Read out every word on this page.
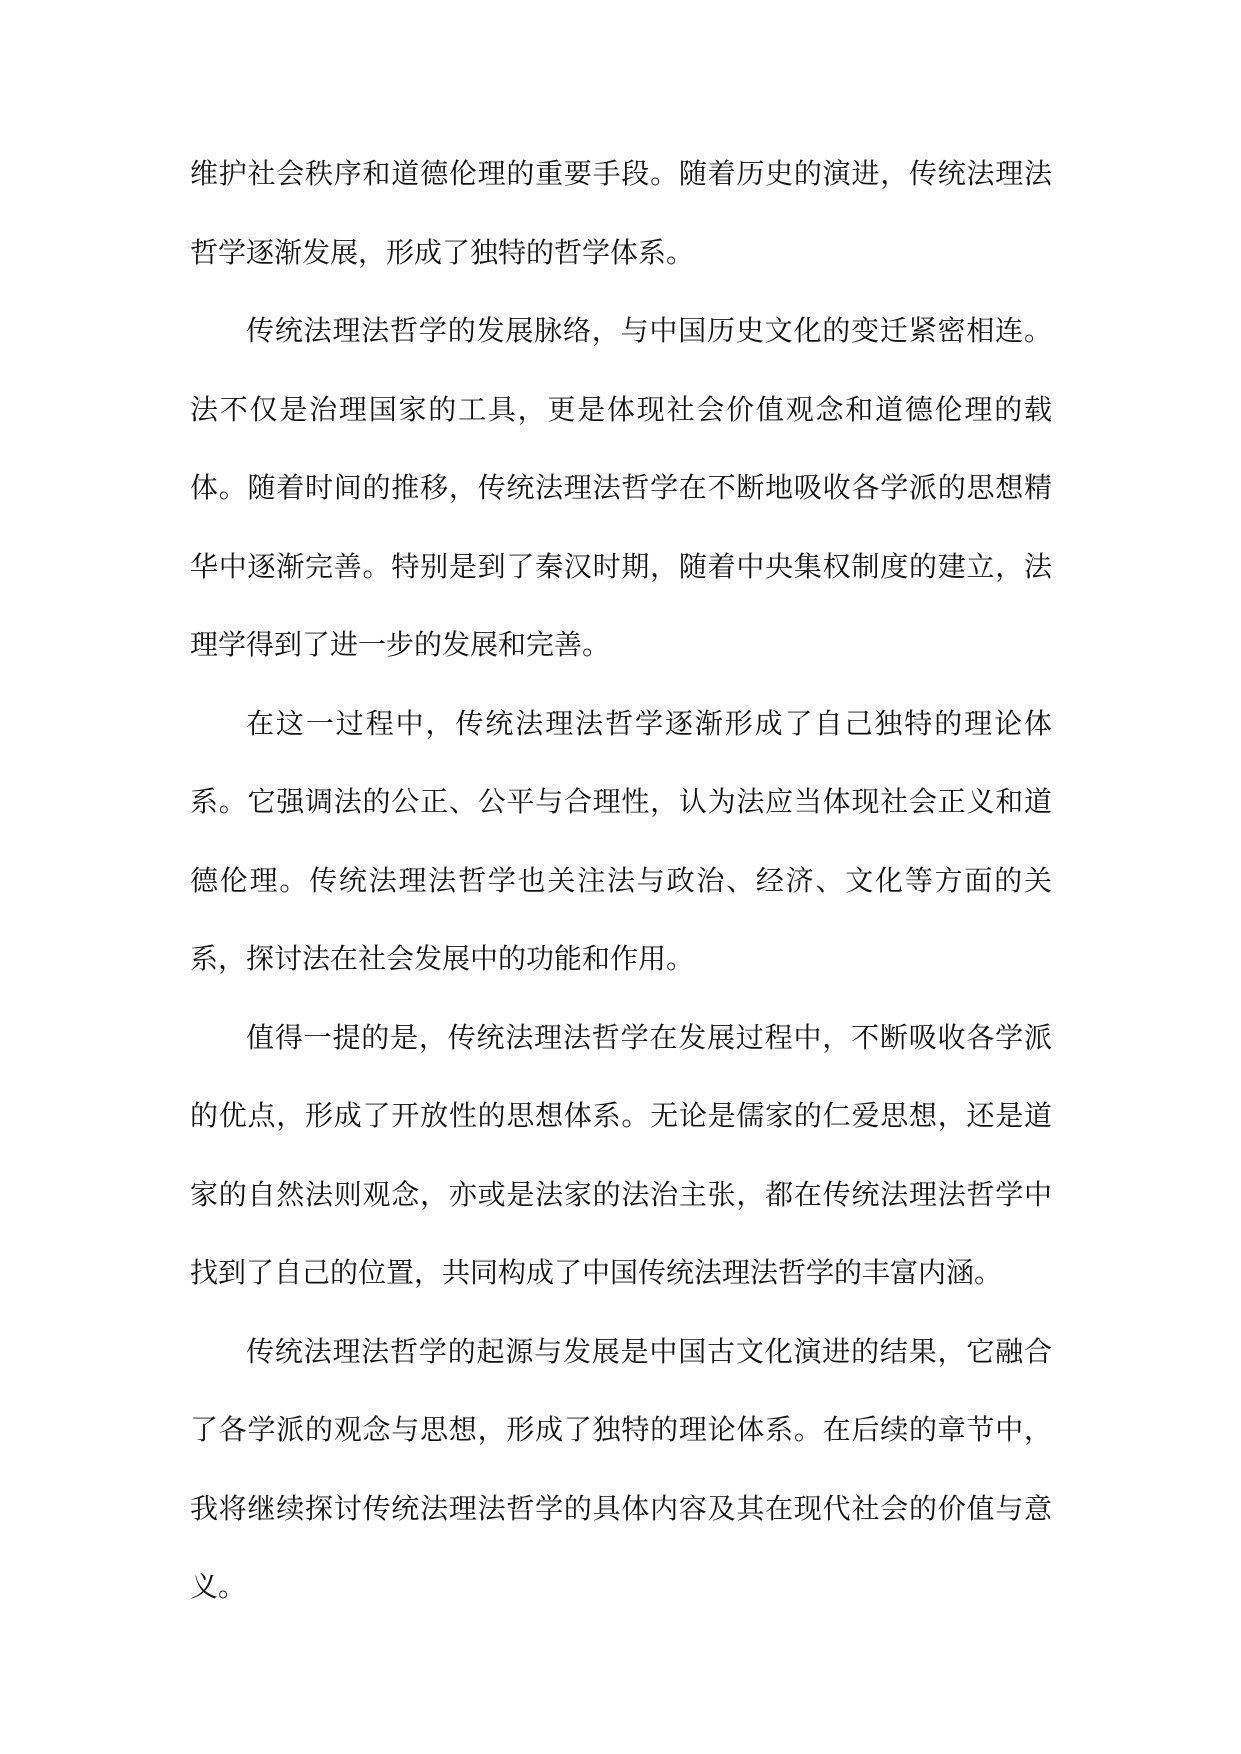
维护社会秩序和道德伦理的重要手段。随着历史的演进，传统法理法哲学逐渐发展，形成了独特的哲学体系。

传统法理法哲学的发展脉络，与中国历史文化的变迁紧密相连。法不仅是治理国家的工具，更是体现社会价值观念和道德伦理的载体。随着时间的推移，传统法理法哲学在不断地吸收各学派的思想精华中逐渐完善。特别是到了秦汉时期，随着中央集权制度的建立，法理学得到了进一步的发展和完善。

在这一过程中，传统法理法哲学逐渐形成了自己独特的理论体系。它强调法的公正、公平与合理性，认为法应当体现社会正义和道德伦理。传统法理法哲学也关注法与政治、经济、文化等方面的关系，探讨法在社会发展中的功能和作用。

值得一提的是，传统法理法哲学在发展过程中，不断吸收各学派的优点，形成了开放性的思想体系。无论是儒家的仁爱思想，还是道家的自然法则观念，亦或是法家的法治主张，都在传统法理法哲学中找到了自己的位置，共同构成了中国传统法理法哲学的丰富内涵。

传统法理法哲学的起源与发展是中国古文化演进的结果，它融合了各学派的观念与思想，形成了独特的理论体系。在后续的章节中，我将继续探讨传统法理法哲学的具体内容及其在现代社会的价值与意义。
